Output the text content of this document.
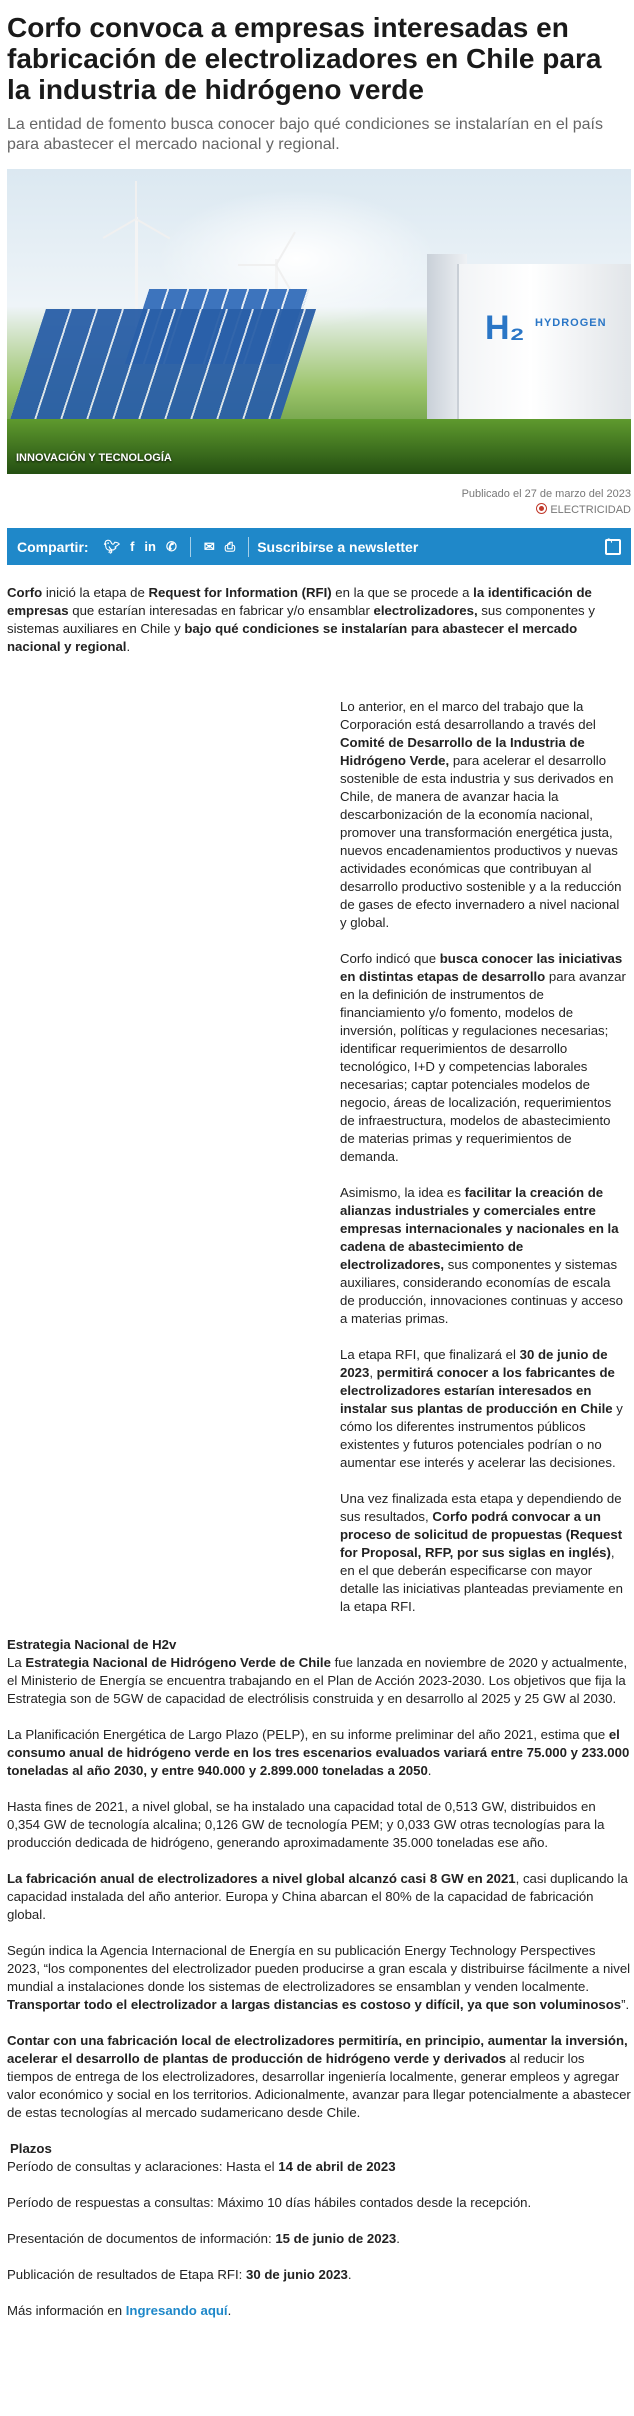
Corfo convoca a empresas interesadas en fabricación de electrolizadores en Chile para la industria de hidrógeno verde

La entidad de fomento busca conocer bajo qué condiciones se instalarían en el país para abastecer el mercado nacional y regional.

H₂ HYDROGEN
INNOVACIÓN Y TECNOLOGÍA
Publicado el 27 de marzo del 2023
ELECTRICIDAD
Compartir: 🐦︎ f in ✆ ✉ ⎙ Suscribirse a newsletter
◝

Corfo inició la etapa de Request for Information (RFI) en la que se procede a la identificación de empresas que estarían interesadas en fabricar y/o ensamblar electrolizadores, sus componentes y sistemas auxiliares en Chile y bajo qué condiciones se instalarían para abastecer el mercado nacional y regional.

Lo anterior, en el marco del trabajo que la Corporación está desarrollando a través del Comité de Desarrollo de la Industria de Hidrógeno Verde, para acelerar el desarrollo sostenible de esta industria y sus derivados en Chile, de manera de avanzar hacia la descarbonización de la economía nacional, promover una transformación energética justa, nuevos encadenamientos productivos y nuevas actividades económicas que contribuyan al desarrollo productivo sostenible y a la reducción de gases de efecto invernadero a nivel nacional y global.

Corfo indicó que busca conocer las iniciativas en distintas etapas de desarrollo para avanzar en la definición de instrumentos de financiamiento y/o fomento, modelos de inversión, políticas y regulaciones necesarias; identificar requerimientos de desarrollo tecnológico, I+D y competencias laborales necesarias; captar potenciales modelos de negocio, áreas de localización, requerimientos de infraestructura, modelos de abastecimiento de materias primas y requerimientos de demanda.

Asimismo, la idea es facilitar la creación de alianzas industriales y comerciales entre empresas internacionales y nacionales en la cadena de abastecimiento de electrolizadores, sus componentes y sistemas auxiliares, considerando economías de escala de producción, innovaciones continuas y acceso a materias primas.

La etapa RFI, que finalizará el 30 de junio de 2023, permitirá conocer a los fabricantes de electrolizadores estarían interesados en instalar sus plantas de producción en Chile y cómo los diferentes instrumentos públicos existentes y futuros potenciales podrían o no aumentar ese interés y acelerar las decisiones.

Una vez finalizada esta etapa y dependiendo de sus resultados, Corfo podrá convocar a un proceso de solicitud de propuestas (Request for Proposal, RFP, por sus siglas en inglés), en el que deberán especificarse con mayor detalle las iniciativas planteadas previamente en la etapa RFI.

Estrategia Nacional de H2v

La Estrategia Nacional de Hidrógeno Verde de Chile fue lanzada en noviembre de 2020 y actualmente, el Ministerio de Energía se encuentra trabajando en el Plan de Acción 2023-2030. Los objetivos que fija la Estrategia son de 5GW de capacidad de electrólisis construida y en desarrollo al 2025 y 25 GW al 2030.

La Planificación Energética de Largo Plazo (PELP), en su informe preliminar del año 2021, estima que el consumo anual de hidrógeno verde en los tres escenarios evaluados variará entre 75.000 y 233.000 toneladas al año 2030, y entre 940.000 y 2.899.000 toneladas a 2050.

Hasta fines de 2021, a nivel global, se ha instalado una capacidad total de 0,513 GW, distribuidos en 0,354 GW de tecnología alcalina; 0,126 GW de tecnología PEM; y 0,033 GW otras tecnologías para la producción dedicada de hidrógeno, generando aproximadamente 35.000 toneladas ese año.

La fabricación anual de electrolizadores a nivel global alcanzó casi 8 GW en 2021, casi duplicando la capacidad instalada del año anterior. Europa y China abarcan el 80% de la capacidad de fabricación global.

Según indica la Agencia Internacional de Energía en su publicación Energy Technology Perspectives 2023, “los componentes del electrolizador pueden producirse a gran escala y distribuirse fácilmente a nivel mundial a instalaciones donde los sistemas de electrolizadores se ensamblan y venden localmente. Transportar todo el electrolizador a largas distancias es costoso y difícil, ya que son voluminosos”.

Contar con una fabricación local de electrolizadores permitiría, en principio, aumentar la inversión, acelerar el desarrollo de plantas de producción de hidrógeno verde y derivados al reducir los tiempos de entrega de los electrolizadores, desarrollar ingeniería localmente, generar empleos y agregar valor económico y social en los territorios. Adicionalmente, avanzar para llegar potencialmente a abastecer de estas tecnologías al mercado sudamericano desde Chile.

Plazos

Período de consultas y aclaraciones: Hasta el 14 de abril de 2023

Período de respuestas a consultas: Máximo 10 días hábiles contados desde la recepción.

Presentación de documentos de información: 15 de junio de 2023.

Publicación de resultados de Etapa RFI: 30 de junio 2023.

Más información en Ingresando aquí.
